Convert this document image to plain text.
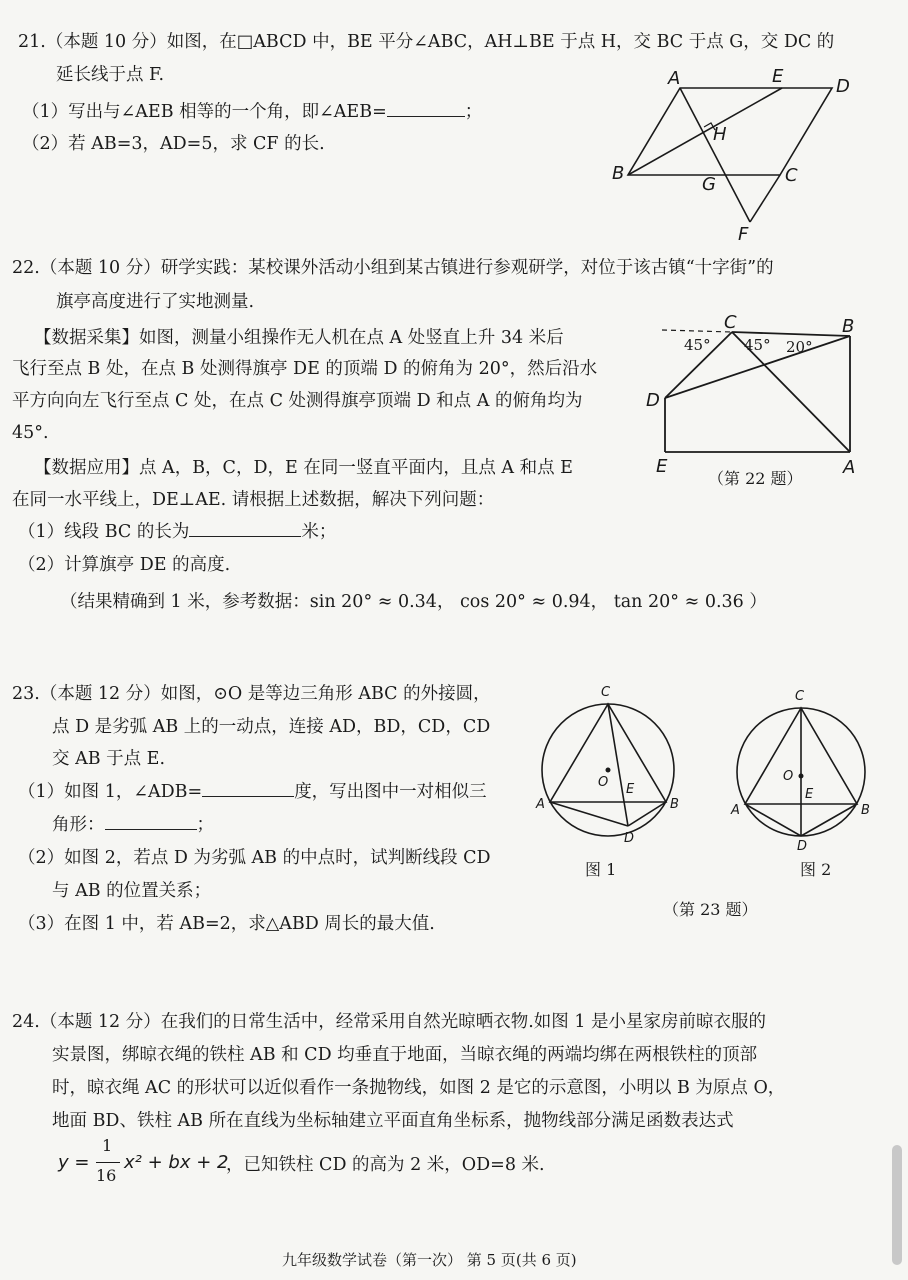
21.（本题 10 分）如图，在□ABCD 中，BE 平分∠ABC，AH⊥BE 于点 H，交 BC 于点 G，交 DC 的
延长线于点 F.
（1）写出与∠AEB 相等的一个角，即∠AEB=	；
（2）若 AB=3，AD=5，求 CF 的长.
A	E	D
H
B
G	C
F
22.（本题 10 分）研学实践：某校课外活动小组到某古镇进行参观研学，对位于该古镇“十字街”的
旗亭高度进行了实地测量.
【数据采集】如图，测量小组操作无人机在点 A 处竖直上升 34 米后
飞行至点 B 处，在点 B 处测得旗亭 DE 的顶端 D 的俯角为 20°，然后沿水
平方向向左飞行至点 C 处，在点 C 处测得旗亭顶端 D 和点 A 的俯角均为
45°.
【数据应用】点 A，B，C，D，E 在同一竖直平面内，且点 A 和点 E
在同一水平线上，DE⊥AE. 请根据上述数据，解决下列问题：
（1）线段 BC 的长为	米；
（2）计算旗亭 DE 的高度.
（结果精确到 1 米，参考数据：sin 20° ≈ 0.34， cos 20° ≈ 0.94， tan 20° ≈ 0.36 ）
C	B
D
E	A
45° 45° 20°
（第 22 题）
23.（本题 12 分）如图，⊙O 是等边三角形 ABC 的外接圆，
点 D 是劣弧 AB 上的一动点，连接 AD，BD，CD，CD
交 AB 于点 E.
（1）如图 1，∠ADB=	度，写出图中一对相似三
角形：	；
（2）如图 2，若点 D 为劣弧 AB 的中点时，试判断线段 CD
与 AB 的位置关系；
（3）在图 1 中，若 AB=2，求△ABD 周长的最大值.
C
O E
A	B
D
图 1
C
O
E
A	B
D
图 2
（第 23 题）
24.（本题 12 分）在我们的日常生活中，经常采用自然光晾晒衣物.如图 1 是小星家房前晾衣服的
实景图，绑晾衣绳的铁柱 AB 和 CD 均垂直于地面，当晾衣绳的两端均绑在两根铁柱的顶部
时，晾衣绳 AC 的形状可以近似看作一条抛物线，如图 2 是它的示意图，小明以 B 为原点 O，
地面 BD、铁柱 AB 所在直线为坐标轴建立平面直角坐标系，抛物线部分满足函数表达式
y =
1
16
x² + bx + 2
，已知铁柱 CD 的高为 2 米，OD=8 米.
九年级数学试卷（第一次） 第 5 页(共 6 页)
